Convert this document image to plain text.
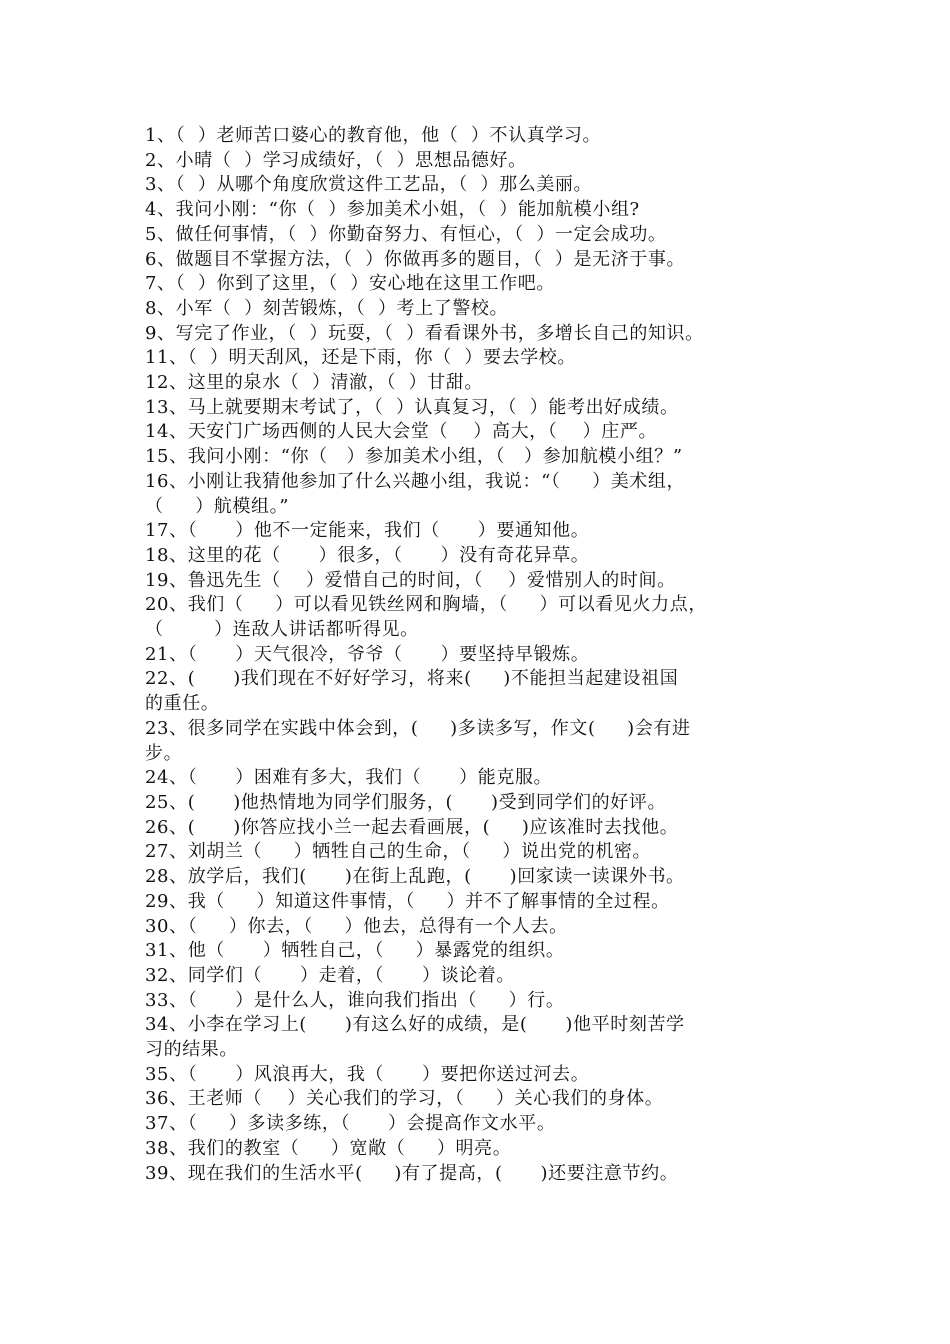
1、（  ）老师苦口婆心的教育他，他（  ）不认真学习。
2、小晴（  ）学习成绩好，（  ）思想品德好。
3、（  ）从哪个角度欣赏这件工艺品，（  ）那么美丽。
4、我问小刚：“你（  ）参加美术小姐，（  ）能加航模小组?
5、做任何事情，（  ）你勤奋努力、有恒心，（  ）一定会成功。
6、做题目不掌握方法，（  ）你做再多的题目，（  ）是无济于事。
7、（  ）你到了这里，（  ）安心地在这里工作吧。
8、小军（  ）刻苦锻炼，（  ）考上了警校。
9、写完了作业，（  ）玩耍，（  ）看看课外书，多增长自己的知识。
11、（  ）明天刮风，还是下雨，你（  ）要去学校。
12、这里的泉水（  ）清澈，（  ）甘甜。
13、马上就要期末考试了，（  ）认真复习，（  ）能考出好成绩。
14、天安门广场西侧的人民大会堂（    ）高大，（    ）庄严。
15、我问小刚：“你（   ）参加美术小组，（   ）参加航模小组？”
16、小刚让我猜他参加了什么兴趣小组，我说：“（     ）美术组，
（     ）航模组。”
17、（      ）他不一定能来，我们（      ）要通知他。
18、这里的花（      ）很多，（      ）没有奇花异草。
19、鲁迅先生（    ）爱惜自己的时间，（    ）爱惜别人的时间。
20、我们（     ）可以看见铁丝网和胸墙，（     ）可以看见火力点，
（        ）连敌人讲话都听得见。
21、（      ）天气很冷，爷爷（      ）要坚持早锻炼。
22、(      )我们现在不好好学习，将来(     )不能担当起建设祖国
的重任。
23、很多同学在实践中体会到，(     )多读多写，作文(     )会有进
步。
24、（      ）困难有多大，我们（      ）能克服。
25、(      )他热情地为同学们服务，(      )受到同学们的好评。
26、(      )你答应找小兰一起去看画展，(     )应该准时去找他。
27、刘胡兰（     ）牺牲自己的生命，（     ）说出党的机密。
28、放学后，我们(      )在街上乱跑，(      )回家读一读课外书。
29、我（     ）知道这件事情，（     ）并不了解事情的全过程。
30、（     ）你去，（     ）他去，总得有一个人去。
31、他（      ）牺牲自己，（     ）暴露党的组织。
32、同学们（      ）走着，（      ）谈论着。
33、（      ）是什么人，谁向我们指出（     ）行。
34、小李在学习上(      )有这么好的成绩，是(      )他平时刻苦学
习的结果。
35、（      ）风浪再大，我（      ）要把你送过河去。
36、王老师（    ）关心我们的学习，（     ）关心我们的身体。
37、（     ）多读多练，（      ）会提高作文水平。
38、我们的教室（     ）宽敞（     ）明亮。
39、现在我们的生活水平(     )有了提高，(      )还要注意节约。
